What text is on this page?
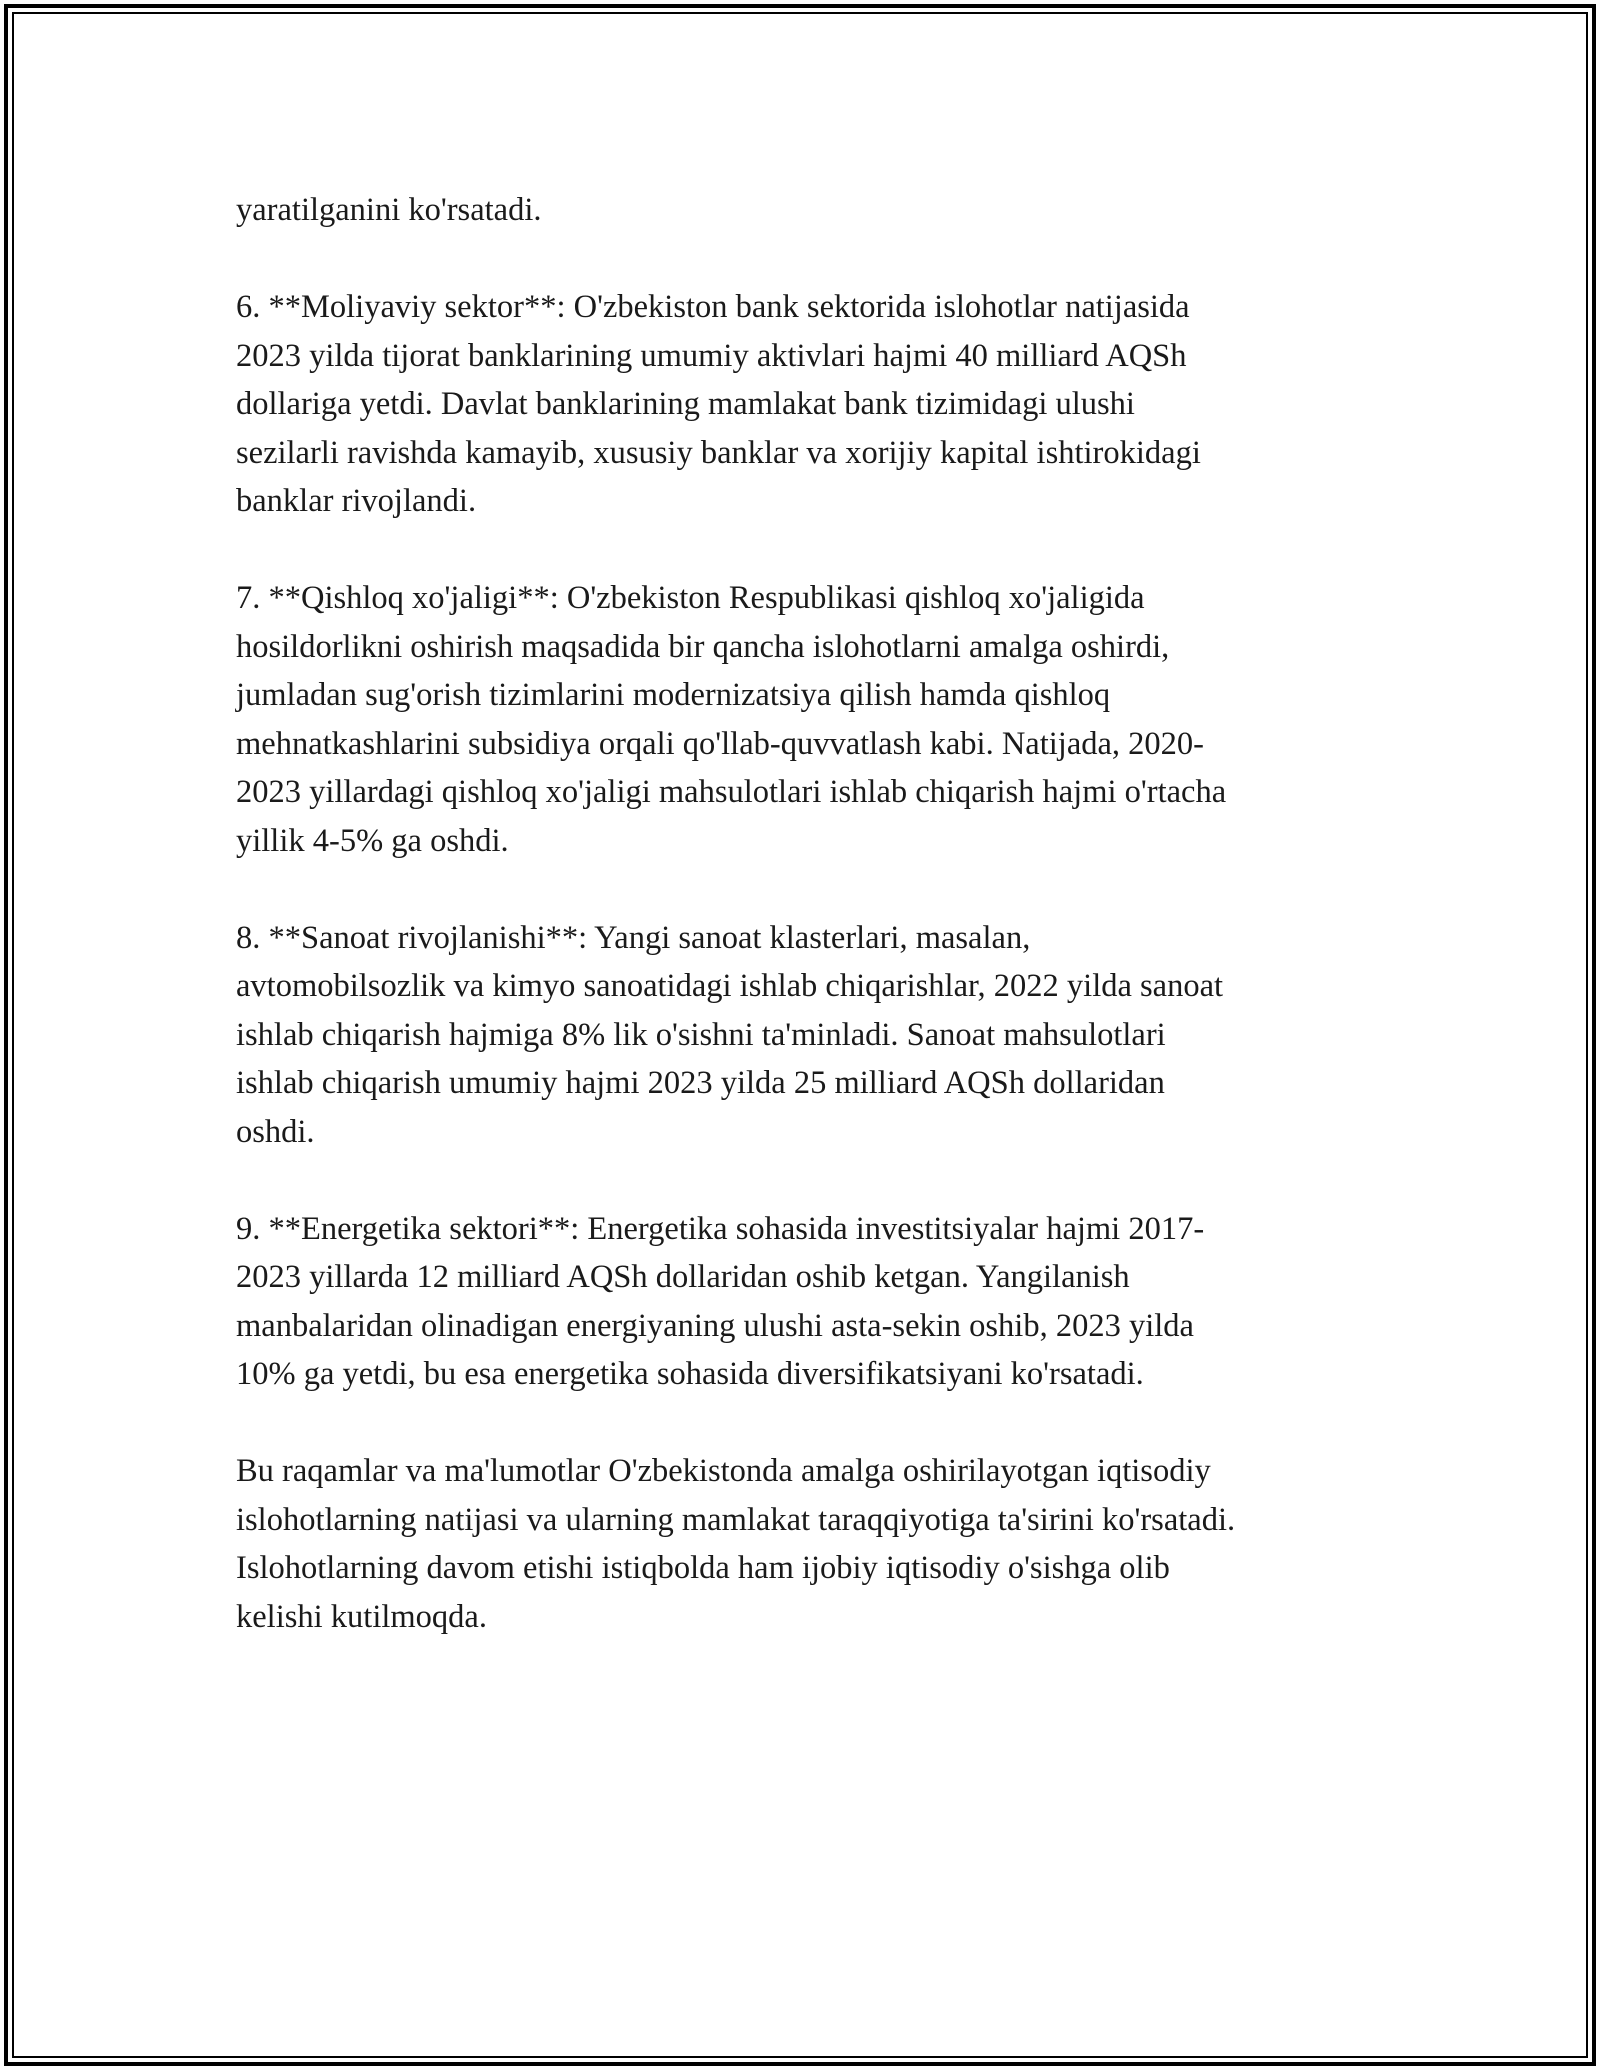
yaratilganini ko'rsatadi.

6. **Moliyaviy sektor**: O'zbekiston bank sektorida islohotlar natijasida
2023 yilda tijorat banklarining umumiy aktivlari hajmi 40 milliard AQSh
dollariga yetdi. Davlat banklarining mamlakat bank tizimidagi ulushi
sezilarli ravishda kamayib, xususiy banklar va xorijiy kapital ishtirokidagi
banklar rivojlandi.

7. **Qishloq xo'jaligi**: O'zbekiston Respublikasi qishloq xo'jaligida
hosildorlikni oshirish maqsadida bir qancha islohotlarni amalga oshirdi,
jumladan sug'orish tizimlarini modernizatsiya qilish hamda qishloq
mehnatkashlarini subsidiya orqali qo'llab-quvvatlash kabi. Natijada, 2020-
2023 yillardagi qishloq xo'jaligi mahsulotlari ishlab chiqarish hajmi o'rtacha
yillik 4-5% ga oshdi.

8. **Sanoat rivojlanishi**: Yangi sanoat klasterlari, masalan,
avtomobilsozlik va kimyo sanoatidagi ishlab chiqarishlar, 2022 yilda sanoat
ishlab chiqarish hajmiga 8% lik o'sishni ta'minladi. Sanoat mahsulotlari
ishlab chiqarish umumiy hajmi 2023 yilda 25 milliard AQSh dollaridan
oshdi.

9. **Energetika sektori**: Energetika sohasida investitsiyalar hajmi 2017-
2023 yillarda 12 milliard AQSh dollaridan oshib ketgan. Yangilanish
manbalaridan olinadigan energiyaning ulushi asta-sekin oshib, 2023 yilda
10% ga yetdi, bu esa energetika sohasida diversifikatsiyani ko'rsatadi.

Bu raqamlar va ma'lumotlar O'zbekistonda amalga oshirilayotgan iqtisodiy
islohotlarning natijasi va ularning mamlakat taraqqiyotiga ta'sirini ko'rsatadi.
Islohotlarning davom etishi istiqbolda ham ijobiy iqtisodiy o'sishga olib
kelishi kutilmoqda.
